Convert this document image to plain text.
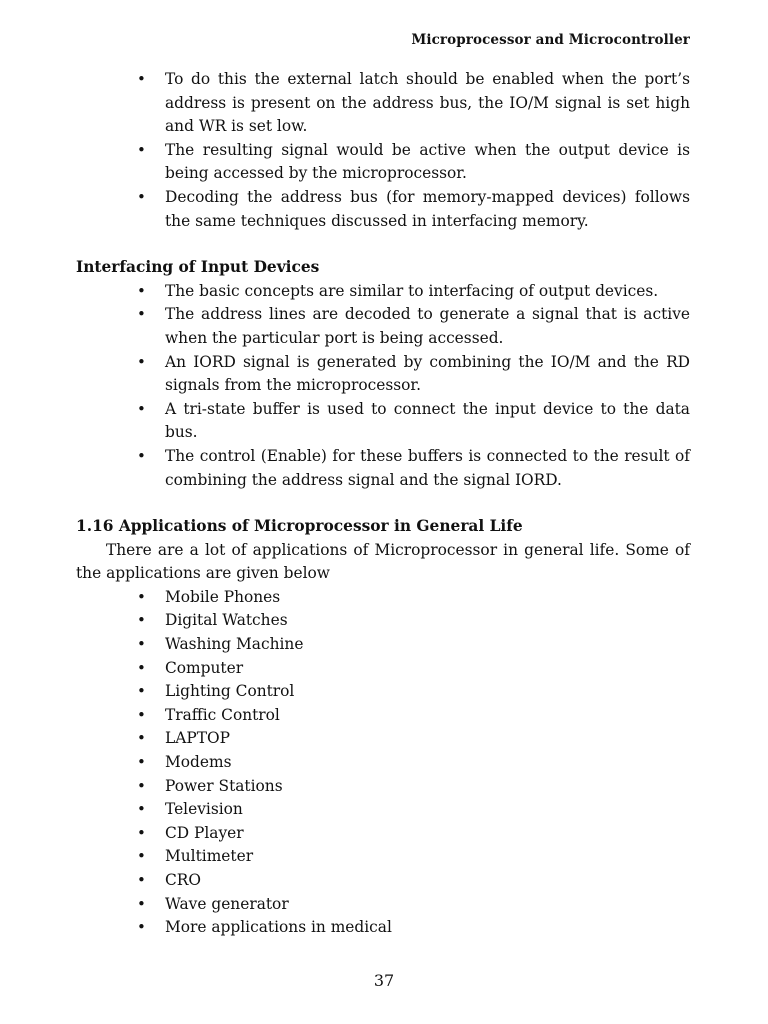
Microprocessor and Microcontroller
• To do this the external latch should be enabled when the port’s address is present on the address bus, the IO/M signal is set high and WR is set low.
• The resulting signal would be active when the output device is being accessed by the microprocessor.
• Decoding the address bus (for memory-mapped devices) follows the same techniques discussed in interfacing memory.
Interfacing of Input Devices
• The basic concepts are similar to interfacing of output devices.
• The address lines are decoded to generate a signal that is active when the particular port is being accessed.
• An IORD signal is generated by combining the IO/M and the RD signals from the microprocessor.
• A tri-state buffer is used to connect the input device to the data bus.
• The control (Enable) for these buffers is connected to the result of combining the address signal and the signal IORD.
1.16 Applications of Microprocessor in General Life

There are a lot of applications of Microprocessor in general life. Some of the applications are given below

• Mobile Phones
• Digital Watches
• Washing Machine
• Computer
• Lighting Control
• Traffic Control
• LAPTOP
• Modems
• Power Stations
• Television
• CD Player
• Multimeter
• CRO
• Wave generator
• More applications in medical
37
